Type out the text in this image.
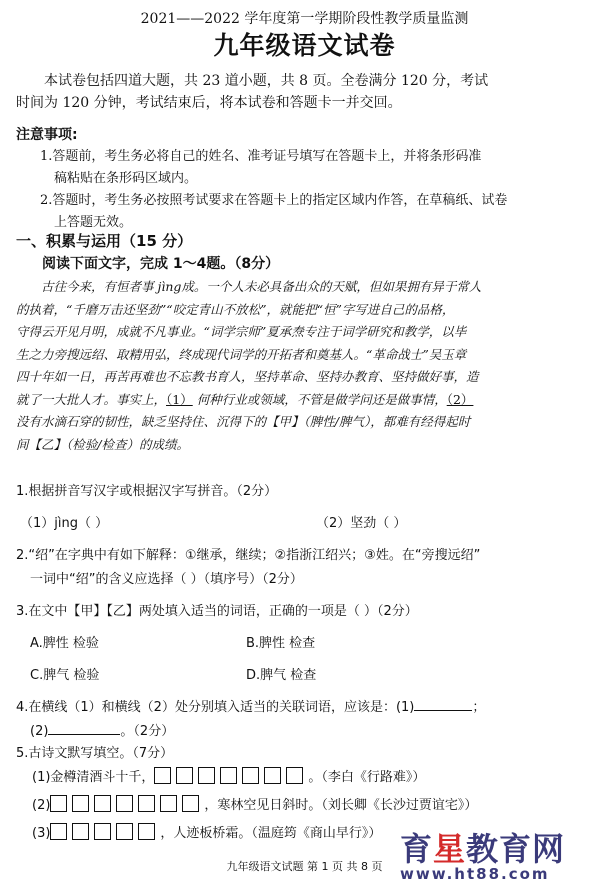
2021——2022 学年度第一学期阶段性教学质量监测
九年级语文试卷
本试卷包括四道大题，共 23 道小题，共 8 页。全卷满分 120 分，考试
时间为 120 分钟，考试结束后，将本试卷和答题卡一并交回。
注意事项:
1.答题前，考生务必将自己的姓名、准考证号填写在答题卡上，并将条形码准
稿粘贴在条形码区域内。
2.答题时，考生务必按照考试要求在答题卡上的指定区域内作答，在草稿纸、试卷
上答题无效。
一、积累与运用（15 分）
阅读下面文字，完成 1～4题。（8分）
古往今来，有恒者事 jìng成。一个人未必具备出众的天赋，但如果拥有异于常人
的执着，“千磨万击还坚劲”“咬定青山不放松”，就能把“恒”字写进自己的品格，
守得云开见月明，成就不凡事业。“词学宗师”夏承焘专注于词学研究和教学，以毕
生之力旁搜远绍、取精用弘，终成现代词学的开拓者和奠基人。“革命战士”吴玉章
四十年如一日，再苦再难也不忘教书育人，坚持革命、坚持办教育、坚持做好事，造
就了一大批人才。事实上，（1） 何种行业或领域，不管是做学问还是做事情，（2）
没有水滴石穿的韧性，缺乏坚持住、沉得下的【甲】（脾性/脾气），都难有经得起时
间【乙】（检验/检查）的成绩。
1.根据拼音写汉字或根据汉字写拼音。（2分）
（1）jìng（ ）	（2）坚劲（ ）
2.“绍”在字典中有如下解释：①继承，继续；②指浙江绍兴；③姓。在“旁搜远绍”
一词中“绍”的含义应选择（ ）（填序号）（2分）
3.在文中【甲】【乙】两处填入适当的词语，正确的一项是（ ）（2分）
A.脾性 检验	B.脾性 检查
C.脾气 检验	D.脾气 检查
4.在横线（1）和横线（2）处分别填入适当的关联词语，应该是：(1)	；
(2)	。（2分）
5.古诗文默写填空。（7分）
(1)金樽清酒斗十千，	。（李白《行路难》）
(2)	，寒林空见日斜时。（刘长卿《长沙过贾谊宅》）
(3)	，人迹板桥霜。（温庭筠《商山早行》）
九年级语文试题 第 1 页 共 8 页 育星教育网
www.ht88.com
